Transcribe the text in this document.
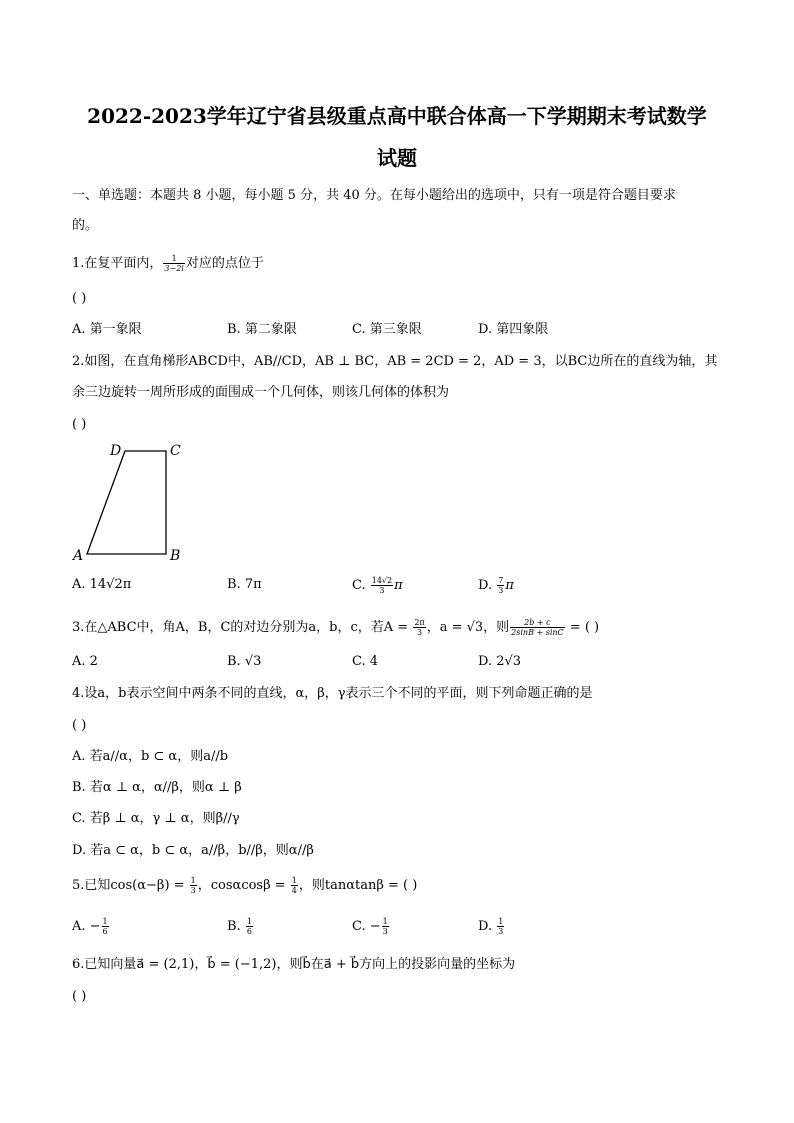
2022-2023学年辽宁省县级重点高中联合体高一下学期期末考试数学
试题
一、单选题：本题共 8 小题，每小题 5 分，共 40 分。在每小题给出的选项中，只有一项是符合题目要求
的。
1.在复平面内， $\frac{1}{3-2i}$ 对应的点位于
( )
A. 第一象限	B. 第二象限	C. 第三象限	D. 第四象限
2.如图，在直角梯形ABCD中，AB//CD，AB ⊥ BC，AB = 2CD = 2，AD = 3，以BC边所在的直线为轴，其
余三边旋转一周所形成的面围成一个几何体，则该几何体的体积为
( )
D	C
A	B
A. 14√2π	B. 7π	C. $\frac{14√2}{3}$ π	D. $\frac{7}{3}$ π
3.在△ABC中，角A，B，C的对边分别为a，b，c，若$A = \frac{2\pi}{3}$ ，a = √3，则 $\frac{2b + c}{2\sin B + \sin C}$ = ( )
A. 2	B. √3	C. 4	D. 2√3
4.设a，b表示空间中两条不同的直线，α，β，γ表示三个不同的平面，则下列命题正确的是
( )
A. 若a//α，b ⊂ α，则a//b
B. 若α ⊥ α，α//β，则α ⊥ β
C. 若β ⊥ α，γ ⊥ α，则β//γ
D. 若a ⊂ α，b ⊂ α，a//β，b//β，则α//β
5.已知$\cos(\alpha-\beta) = \frac{1}{3}$ ，$\cos\alpha\cos\beta = \frac{1}{4}$ ，则tanαtanβ = ( )
A. − $\frac{1}{6}$	B. $\frac{1}{6}$	C. − $\frac{1}{3}$	D. $\frac{1}{3}$
6.已知向量a⃗ = (2,1)，b⃗ = (−1,2)，则b⃗在a⃗ + b⃗方向上的投影向量的坐标为
( )
